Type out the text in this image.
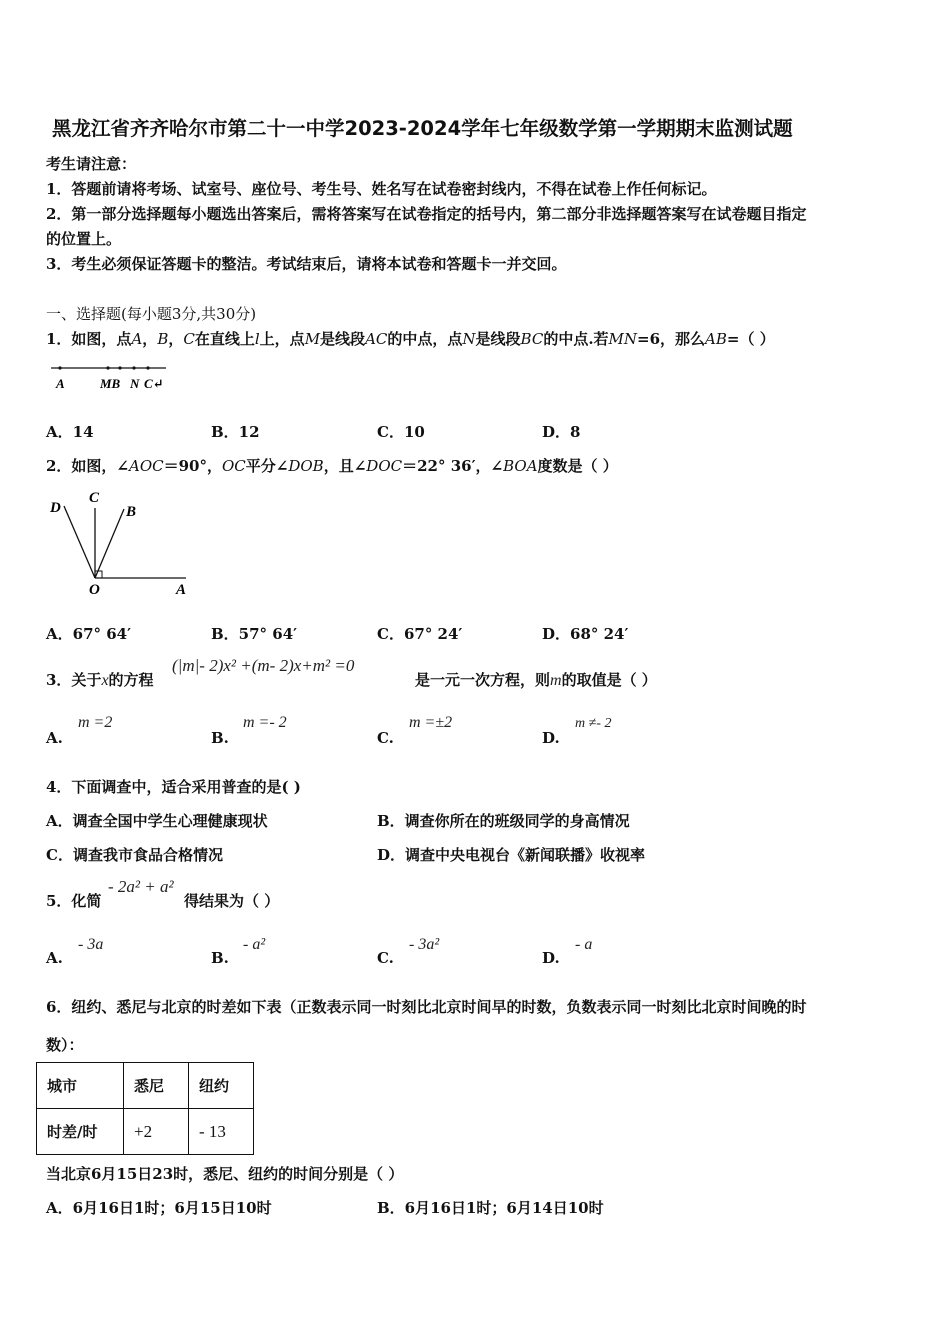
黑龙江省齐齐哈尔市第二十一中学2023-2024学年七年级数学第一学期期末监测试题
考生请注意：
1．答题前请将考场、试室号、座位号、考生号、姓名写在试卷密封线内，不得在试卷上作任何标记。
2．第一部分选择题每小题选出答案后，需将答案写在试卷指定的括号内，第二部分非选择题答案写在试卷题目指定
的位置上。
3．考生必须保证答题卡的整洁。考试结束后，请将本试卷和答题卡一并交回。
一、选择题(每小题3分,共30分)
1．如图，点A，B，C在直线上l上，点M是线段AC的中点，点N是线段BC的中点.若MN=6，那么AB=（ ）
A	MB N C↵
A．14	B．12	C．10	D．8
2．如图，∠AOC＝90°，OC平分∠DOB，且∠DOC＝22° 36′，∠BOA度数是（ ）
D
C
B
O	A
A．67° 64′	B．57° 64′	C．67° 24′	D．68° 24′
3．关于x的方程
(|m|- 2)x² +(m- 2)x+m² =0
是一元一次方程，则m的取值是（ ）
A.
m =2
B.
m =- 2
C.
m =±2
D.
m ≠- 2
4．下面调查中，适合采用普查的是( )
A．调查全国中学生心理健康现状	B．调查你所在的班级同学的身高情况
C．调查我市食品合格情况	D．调查中央电视台《新闻联播》收视率
5．化简
- 2a² + a²
得结果为（ ）
A.
- 3a
B.
- a²
C.
- 3a²
D.
- a
6．纽约、悉尼与北京的时差如下表（正数表示同一时刻比北京时间早的时数，负数表示同一时刻比北京时间晚的时
数）：
城市	悉尼	纽约
时差/时	+2	- 13
当北京6月15日23时，悉尼、纽约的时间分别是（ ）
A．6月16日1时；6月15日10时	B．6月16日1时；6月14日10时
